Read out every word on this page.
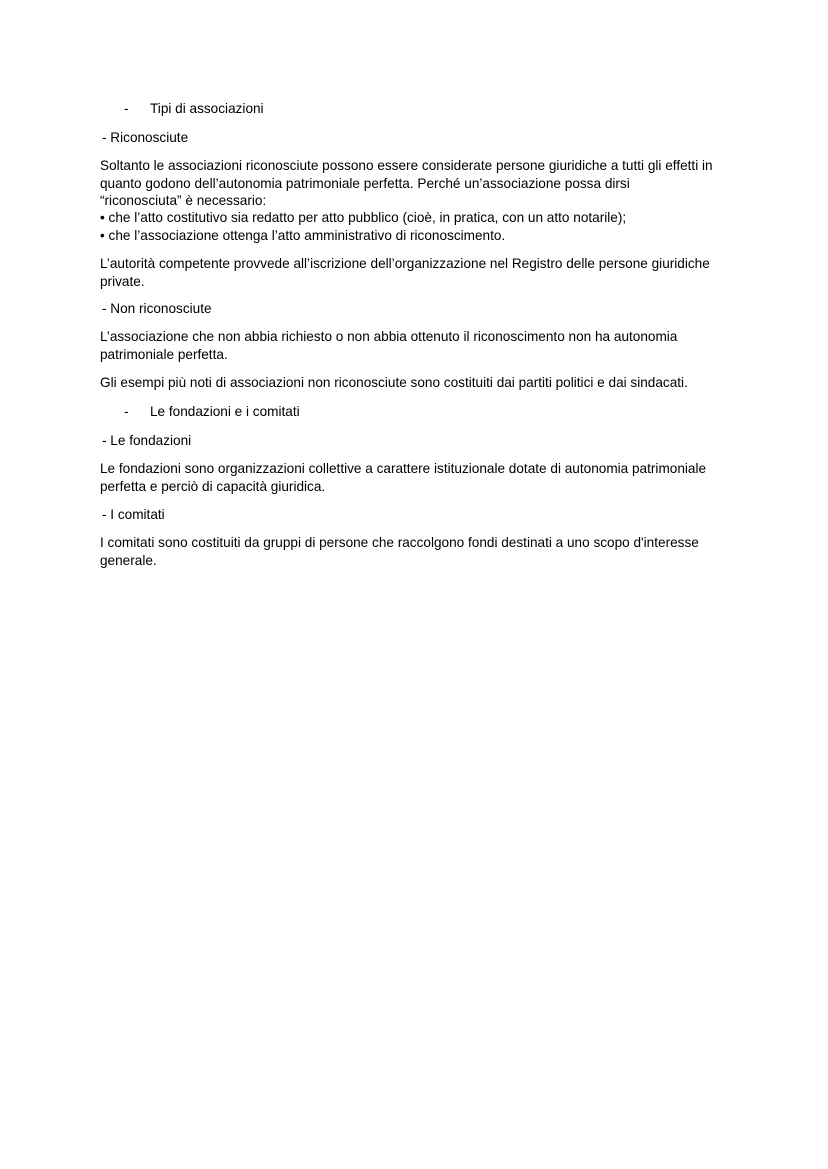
- Tipi di associazioni
- Riconosciute
Soltanto le associazioni riconosciute possono essere considerate persone giuridiche a tutti gli effetti in
quanto godono dell’autonomia patrimoniale perfetta. Perché un’associazione possa dirsi
“riconosciuta” è necessario:
• che l’atto costitutivo sia redatto per atto pubblico (cioè, in pratica, con un atto notarile);
• che l’associazione ottenga l’atto amministrativo di riconoscimento.
L’autorità competente provvede all’iscrizione dell’organizzazione nel Registro delle persone giuridiche
private.
- Non riconosciute
L’associazione che non abbia richiesto o non abbia ottenuto il riconoscimento non ha autonomia
patrimoniale perfetta.
Gli esempi più noti di associazioni non riconosciute sono costituiti dai partiti politici e dai sindacati.
- Le fondazioni e i comitati
- Le fondazioni
Le fondazioni sono organizzazioni collettive a carattere istituzionale dotate di autonomia patrimoniale
perfetta e perciò di capacità giuridica.
- I comitati
I comitati sono costituiti da gruppi di persone che raccolgono fondi destinati a uno scopo d'interesse
generale.
